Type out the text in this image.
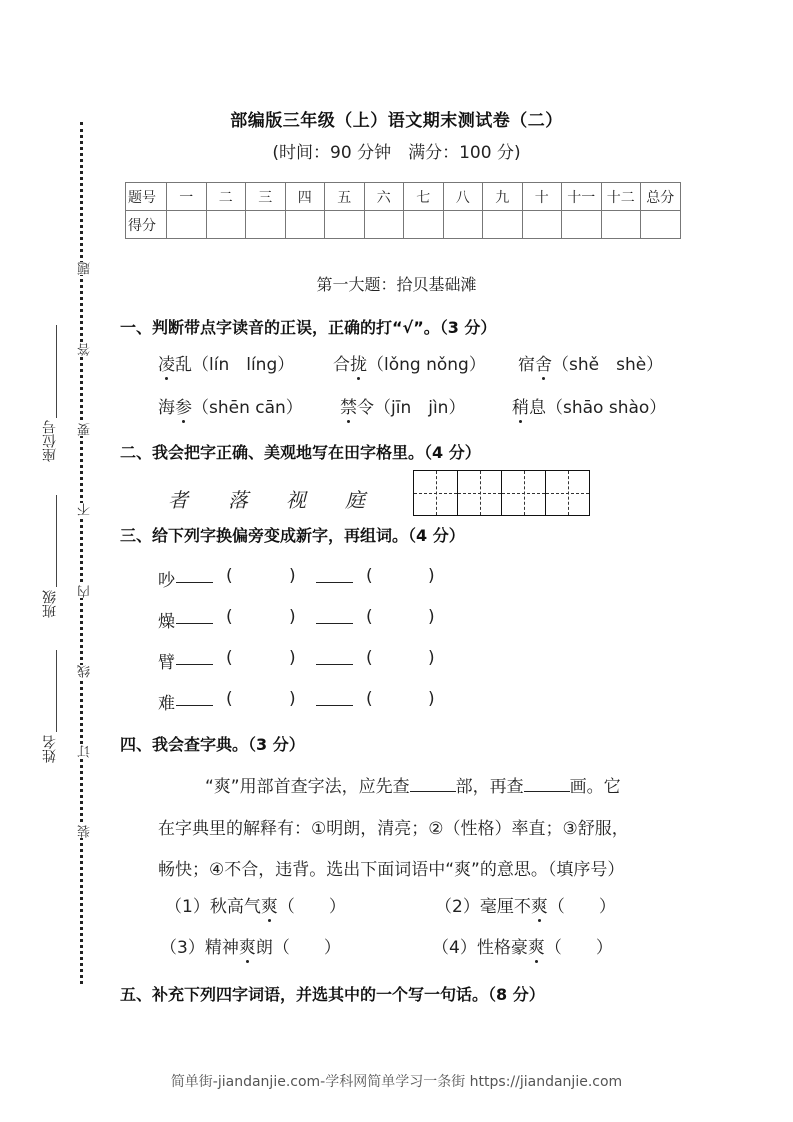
题
答
要
不
内
线
订
装
座位号
班级
姓名
部编版三年级（上）语文期末测试卷（二）
(时间：90 分钟　满分：100 分)
题号	一	二	三	四	五	六	七	八	九	十	十一	十二	总分
得分													
第一大题：拾贝基础滩
一、判断带点字读音的正误，正确的打“√”。（3 分）
凌乱（lín　líng） 合拢（lǒng nǒng） 宿舍（shě　shè）
海参（shēn cān） 禁令（jīn　jìn）	稍息（shāo shào）
二、我会把字正确、美观地写在田字格里。（4 分）
者 落 视 庭
三、给下列字换偏旁变成新字，再组词。（4 分）
吵	(	)	(	)
燥	(	)	(	)
臂	(	)	(	)
难	(	)	(	)
四、我会查字典。（3 分）
“爽”用部首查字法，应先查	部，再查	画。它
在字典里的解释有：①明朗，清亮；②（性格）率直；③舒服，
畅快；④不合，违背。选出下面词语中“爽”的意思。（填序号）
（1）秋高气爽（　　）	（2）毫厘不爽（　　）
（3）精神爽朗（　　）	（4）性格豪爽（　　）
五、补充下列四字词语，并选其中的一个写一句话。（8 分）
简单街-jiandanjie.com-学科网简单学习一条街 https://jiandanjie.com
